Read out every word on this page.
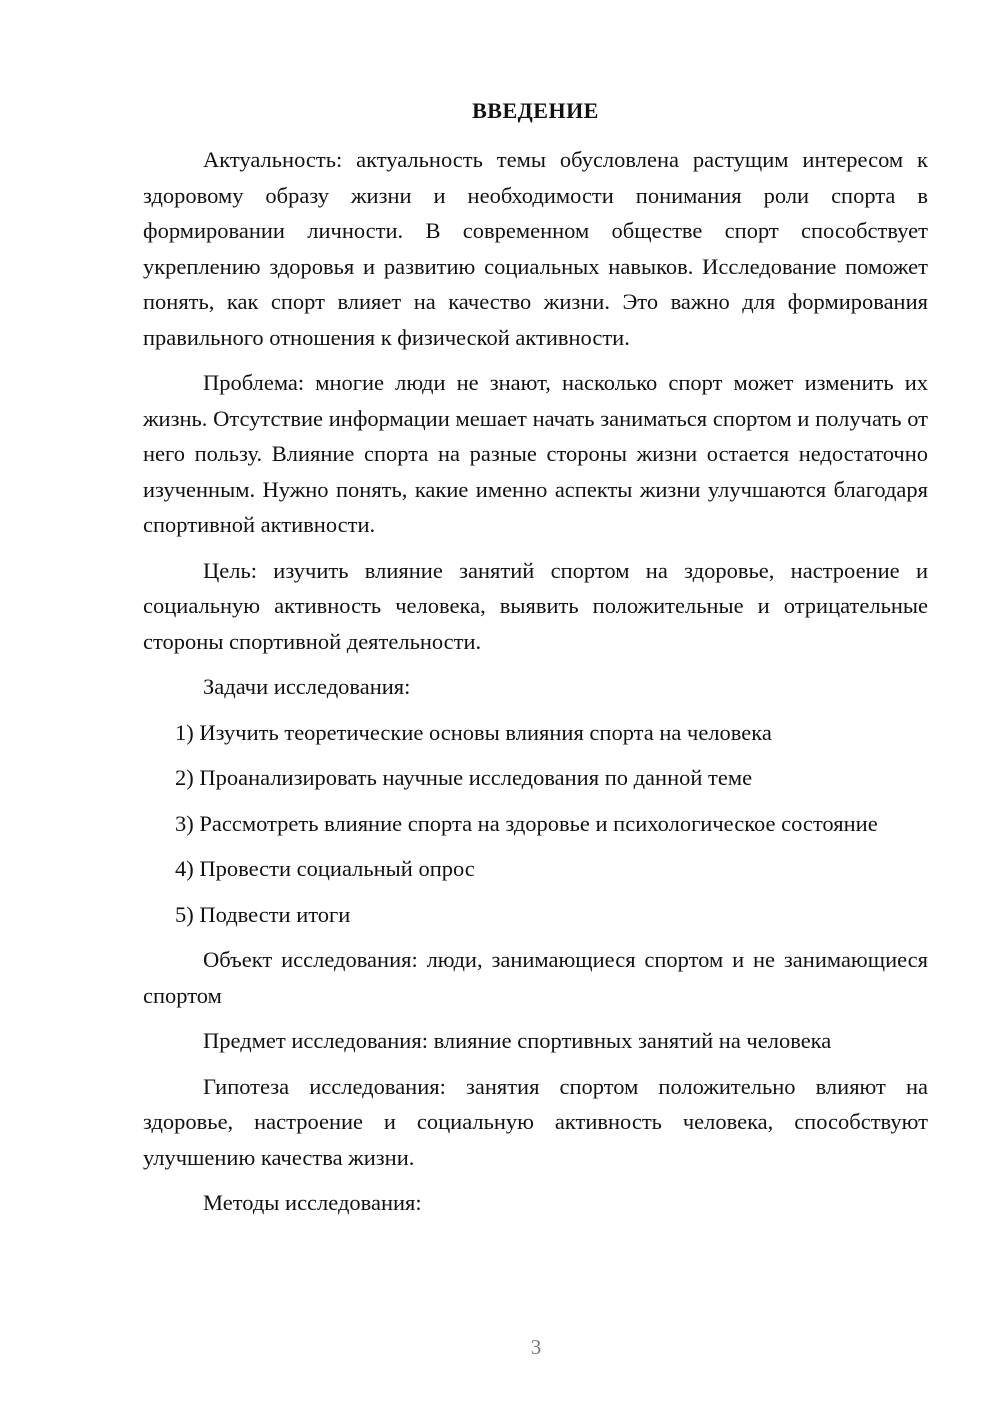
ВВЕДЕНИЕ

Актуальность: актуальность темы обусловлена растущим интересом к здоровому образу жизни и необходимости понимания роли спорта в формировании личности. В современном обществе спорт способствует укреплению здоровья и развитию социальных навыков. Исследование поможет понять, как спорт влияет на качество жизни. Это важно для формирования правильного отношения к физической активности.

Проблема: многие люди не знают, насколько спорт может изменить их жизнь. Отсутствие информации мешает начать заниматься спортом и получать от него пользу. Влияние спорта на разные стороны жизни остается недостаточно изученным. Нужно понять, какие именно аспекты жизни улучшаются благодаря спортивной активности.

Цель: изучить влияние занятий спортом на здоровье, настроение и социальную активность человека, выявить положительные и отрицательные стороны спортивной деятельности.

Задачи исследования:

1) Изучить теоретические основы влияния спорта на человека

2) Проанализировать научные исследования по данной теме

3) Рассмотреть влияние спорта на здоровье и психологическое состояние

4) Провести социальный опрос

5) Подвести итоги

Объект исследования: люди, занимающиеся спортом и не занимающиеся спортом

Предмет исследования: влияние спортивных занятий на человека

Гипотеза исследования: занятия спортом положительно влияют на здоровье, настроение и социальную активность человека, способствуют улучшению качества жизни.

Методы исследования:

3
